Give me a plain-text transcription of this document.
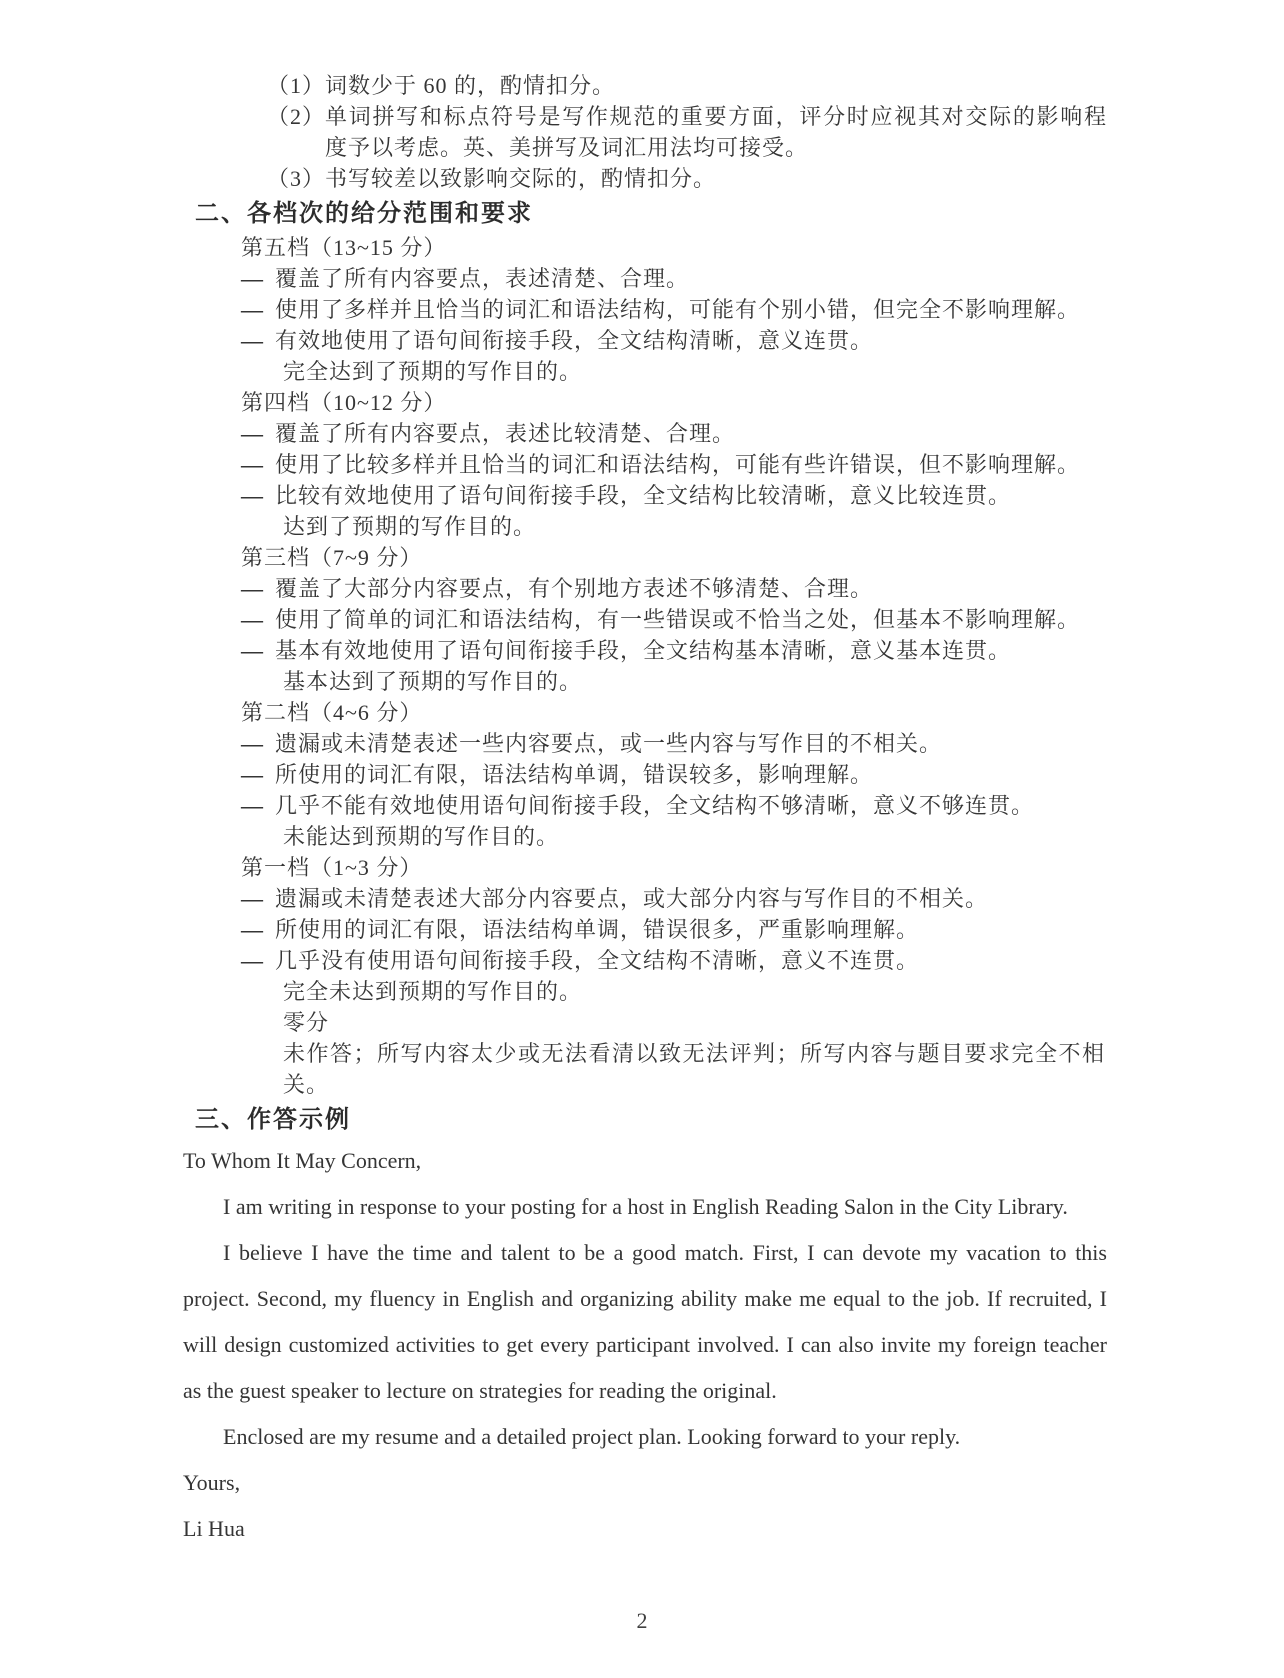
（1） 词数少于 60 的，酌情扣分。
（2） 单词拼写和标点符号是写作规范的重要方面，评分时应视其对交际的影响程度予以考虑。英、美拼写及词汇用法均可接受。
（3） 书写较差以致影响交际的，酌情扣分。
二、各档次的给分范围和要求
第五档（13~15 分）
— 覆盖了所有内容要点，表述清楚、合理。
— 使用了多样并且恰当的词汇和语法结构，可能有个别小错，但完全不影响理解。
— 有效地使用了语句间衔接手段，全文结构清晰，意义连贯。
完全达到了预期的写作目的。
第四档（10~12 分）
— 覆盖了所有内容要点，表述比较清楚、合理。
— 使用了比较多样并且恰当的词汇和语法结构，可能有些许错误，但不影响理解。
— 比较有效地使用了语句间衔接手段，全文结构比较清晰，意义比较连贯。
达到了预期的写作目的。
第三档（7~9 分）
— 覆盖了大部分内容要点，有个别地方表述不够清楚、合理。
— 使用了简单的词汇和语法结构，有一些错误或不恰当之处，但基本不影响理解。
— 基本有效地使用了语句间衔接手段，全文结构基本清晰，意义基本连贯。
基本达到了预期的写作目的。
第二档（4~6 分）
— 遗漏或未清楚表述一些内容要点，或一些内容与写作目的不相关。
— 所使用的词汇有限，语法结构单调，错误较多，影响理解。
— 几乎不能有效地使用语句间衔接手段，全文结构不够清晰，意义不够连贯。
未能达到预期的写作目的。
第一档（1~3 分）
— 遗漏或未清楚表述大部分内容要点，或大部分内容与写作目的不相关。
— 所使用的词汇有限，语法结构单调，错误很多，严重影响理解。
— 几乎没有使用语句间衔接手段，全文结构不清晰，意义不连贯。
完全未达到预期的写作目的。
零分
未作答；所写内容太少或无法看清以致无法评判；所写内容与题目要求完全不相关。
三、作答示例
To Whom It May Concern,

I am writing in response to your posting for a host in English Reading Salon in the City Library.

I believe I have the time and talent to be a good match. First, I can devote my vacation to this project. Second, my fluency in English and organizing ability make me equal to the job. If recruited, I will design customized activities to get every participant involved. I can also invite my foreign teacher as the guest speaker to lecture on strategies for reading the original.

Enclosed are my resume and a detailed project plan. Looking forward to your reply.

Yours,

Li Hua

2
